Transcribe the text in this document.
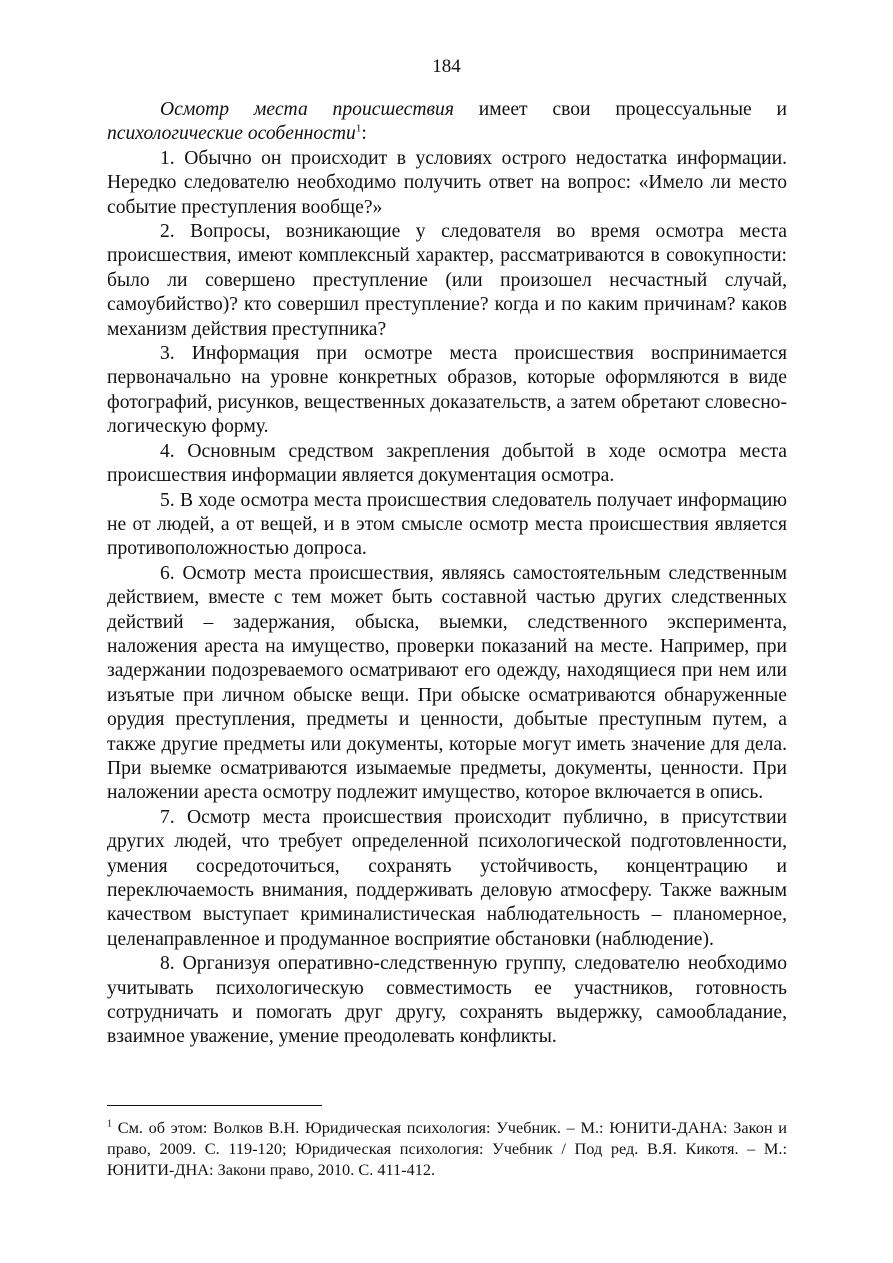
184

Осмотр места происшествия имеет свои процессуальные и психологические особенности$^1$:

1. Обычно он происходит в условиях острого недостатка информации. Нередко следователю необходимо получить ответ на вопрос: «Имело ли место событие преступления вообще?»

2. Вопросы, возникающие у следователя во время осмотра места происшествия, имеют комплексный характер, рассматриваются в совокупности: было ли совершено преступление (или произошел несчастный случай, самоубийство)? кто совершил преступление? когда и по каким причинам? каков механизм действия преступника?

3. Информация при осмотре места происшествия воспринимается первоначально на уровне конкретных образов, которые оформляются в виде фотографий, рисунков, вещественных доказательств, а затем обретают словесно-логическую форму.

4. Основным средством закрепления добытой в ходе осмотра места происшествия информации является документация осмотра.

5. В ходе осмотра места происшествия следователь получает информацию не от людей, а от вещей, и в этом смысле осмотр места происшествия является противоположностью допроса.

6. Осмотр места происшествия, являясь самостоятельным следственным действием, вместе с тем может быть составной частью других следственных действий – задержания, обыска, выемки, следственного эксперимента, наложения ареста на имущество, проверки показаний на месте. Например, при задержании подозреваемого осматривают его одежду, находящиеся при нем или изъятые при личном обыске вещи. При обыске осматриваются обнаруженные орудия преступления, предметы и ценности, добытые преступным путем, а также другие предметы или документы, которые могут иметь значение для дела. При выемке осматриваются изымаемые предметы, документы, ценности. При наложении ареста осмотру подлежит имущество, которое включается в опись.

7. Осмотр места происшествия происходит публично, в присутствии других людей, что требует определенной психологической подготовленности, умения сосредоточиться, сохранять устойчивость, концентрацию и переключаемость внимания, поддерживать деловую атмосферу. Также важным качеством выступает криминалистическая наблюдательность – планомерное, целенаправленное и продуманное восприятие обстановки (наблюдение).

8. Организуя оперативно-следственную группу, следователю необходимо учитывать психологическую совместимость ее участников, готовность сотрудничать и помогать друг другу, сохранять выдержку, самообладание, взаимное уважение, умение преодолевать конфликты.

$^1$ См. об этом: Волков В.Н. Юридическая психология: Учебник. – М.: ЮНИТИ-ДАНА: Закон и право, 2009. С. 119-120; Юридическая психология: Учебник / Под ред. В.Я. Кикотя. – М.: ЮНИТИ-ДНА: Закони право, 2010. С. 411-412.
